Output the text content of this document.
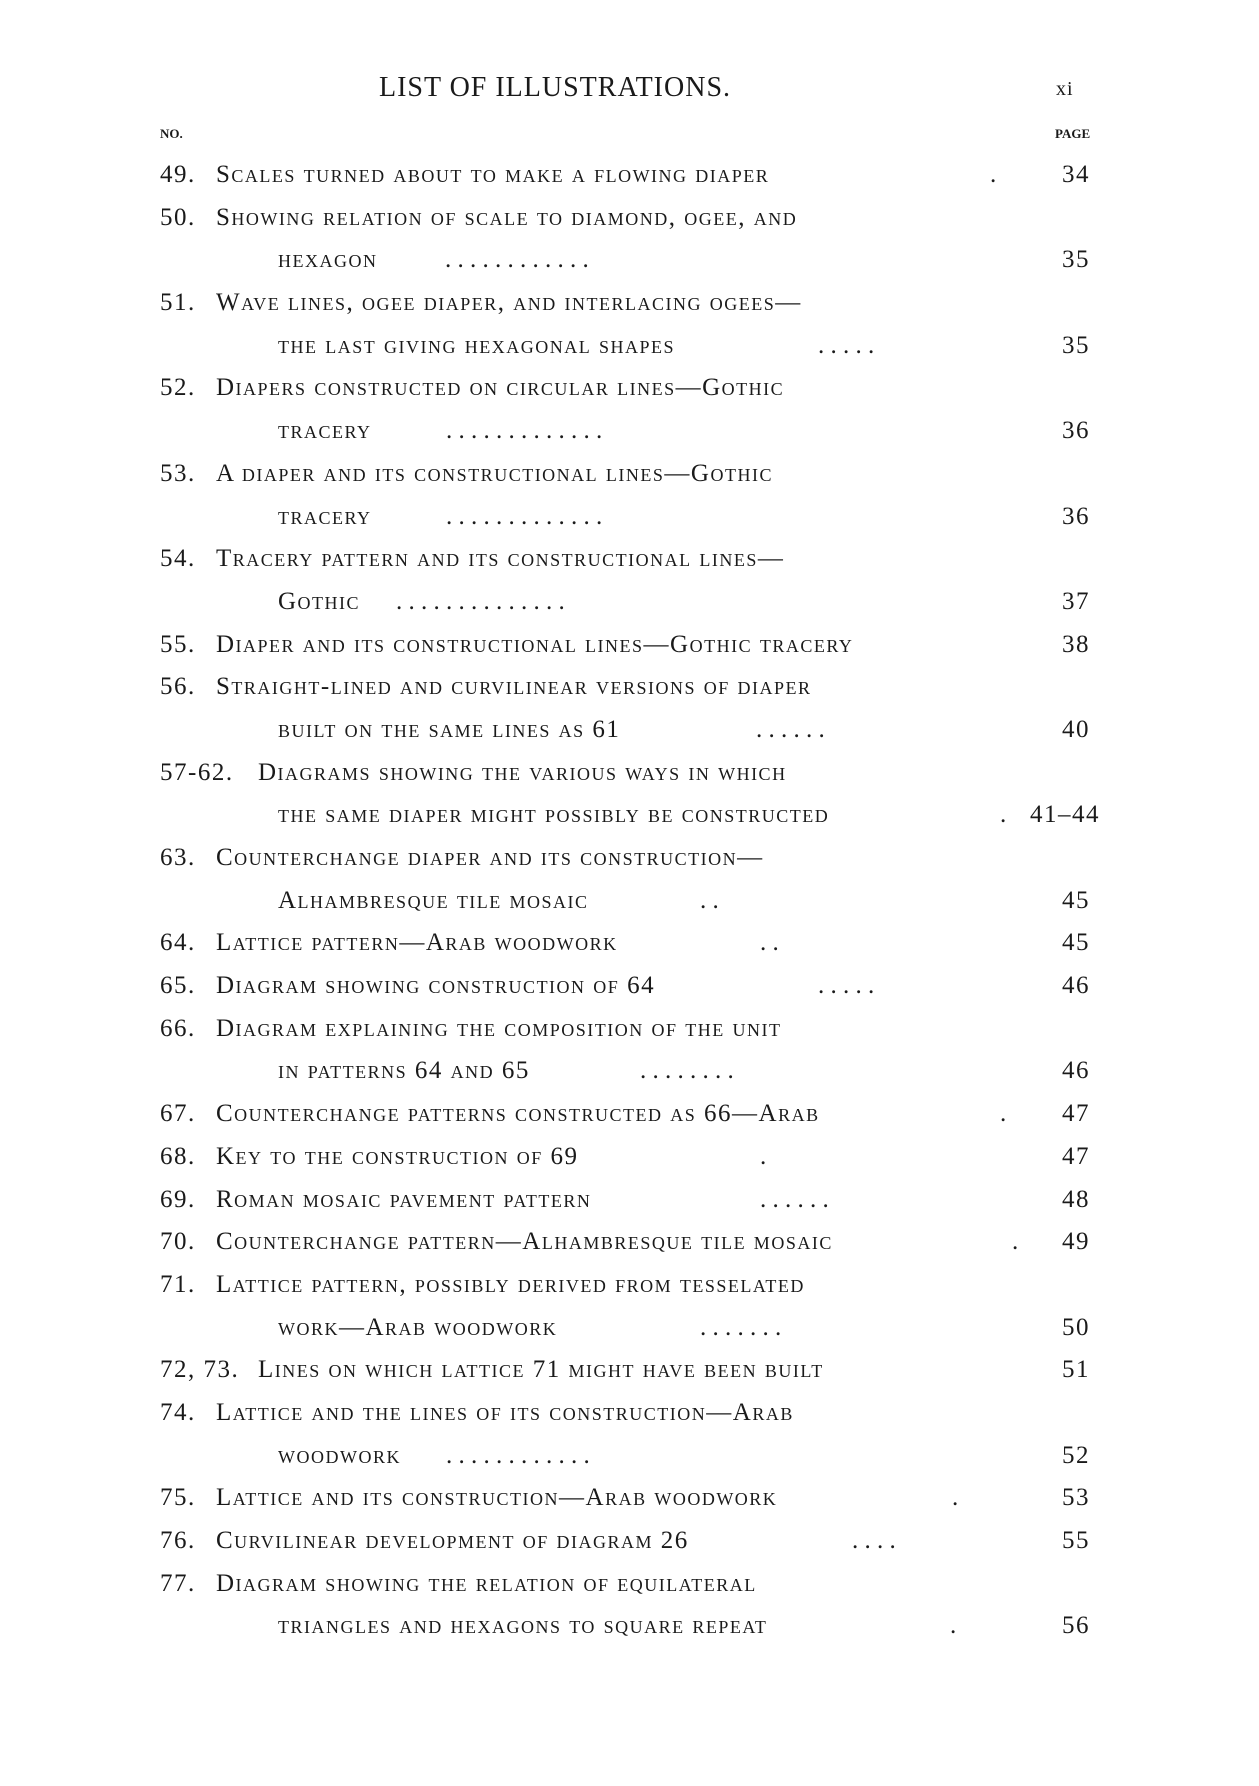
LIST OF ILLUSTRATIONS.	xi
NO.	PAGE
49. Scales turned about to make a flowing diaper	.	34
50. Showing relation of scale to diamond, ogee, and
hexagon	. . . . . . . . . . . .	35
51. Wave lines, ogee diaper, and interlacing ogees—
the last giving hexagonal shapes	. . . . .	35
52. Diapers constructed on circular lines—Gothic
tracery	. . . . . . . . . . . . .	36
53. A diaper and its constructional lines—Gothic
tracery	. . . . . . . . . . . . .	36
54. Tracery pattern and its constructional lines—
Gothic . . . . . . . . . . . . . .	37
55. Diaper and its constructional lines—Gothic tracery	38
56. Straight-lined and curvilinear versions of diaper
built on the same lines as 61	. . . . . .	40
57-62. Diagrams showing the various ways in which
the same diaper might possibly be constructed	. 41–44
63. Counterchange diaper and its construction—
Alhambresque tile mosaic	. .	45
64. Lattice pattern—Arab woodwork	. .	45
65. Diagram showing construction of 64	. . . . .	46
66. Diagram explaining the composition of the unit
in patterns 64 and 65	. . . . . . . .	46
67. Counterchange patterns constructed as 66—Arab	. 47
68. Key to the construction of 69	.	47
69. Roman mosaic pavement pattern	. . . . . .	48
70. Counterchange pattern—Alhambresque tile mosaic	. 49
71. Lattice pattern, possibly derived from tesselated
work—Arab woodwork	. . . . . . .	50
72, 73. Lines on which lattice 71 might have been built	51
74. Lattice and the lines of its construction—Arab
woodwork . . . . . . . . . . . .	52
75. Lattice and its construction—Arab woodwork	.	53
76. Curvilinear development of diagram 26	. . . .	55
77. Diagram showing the relation of equilateral
triangles and hexagons to square repeat	.	56
